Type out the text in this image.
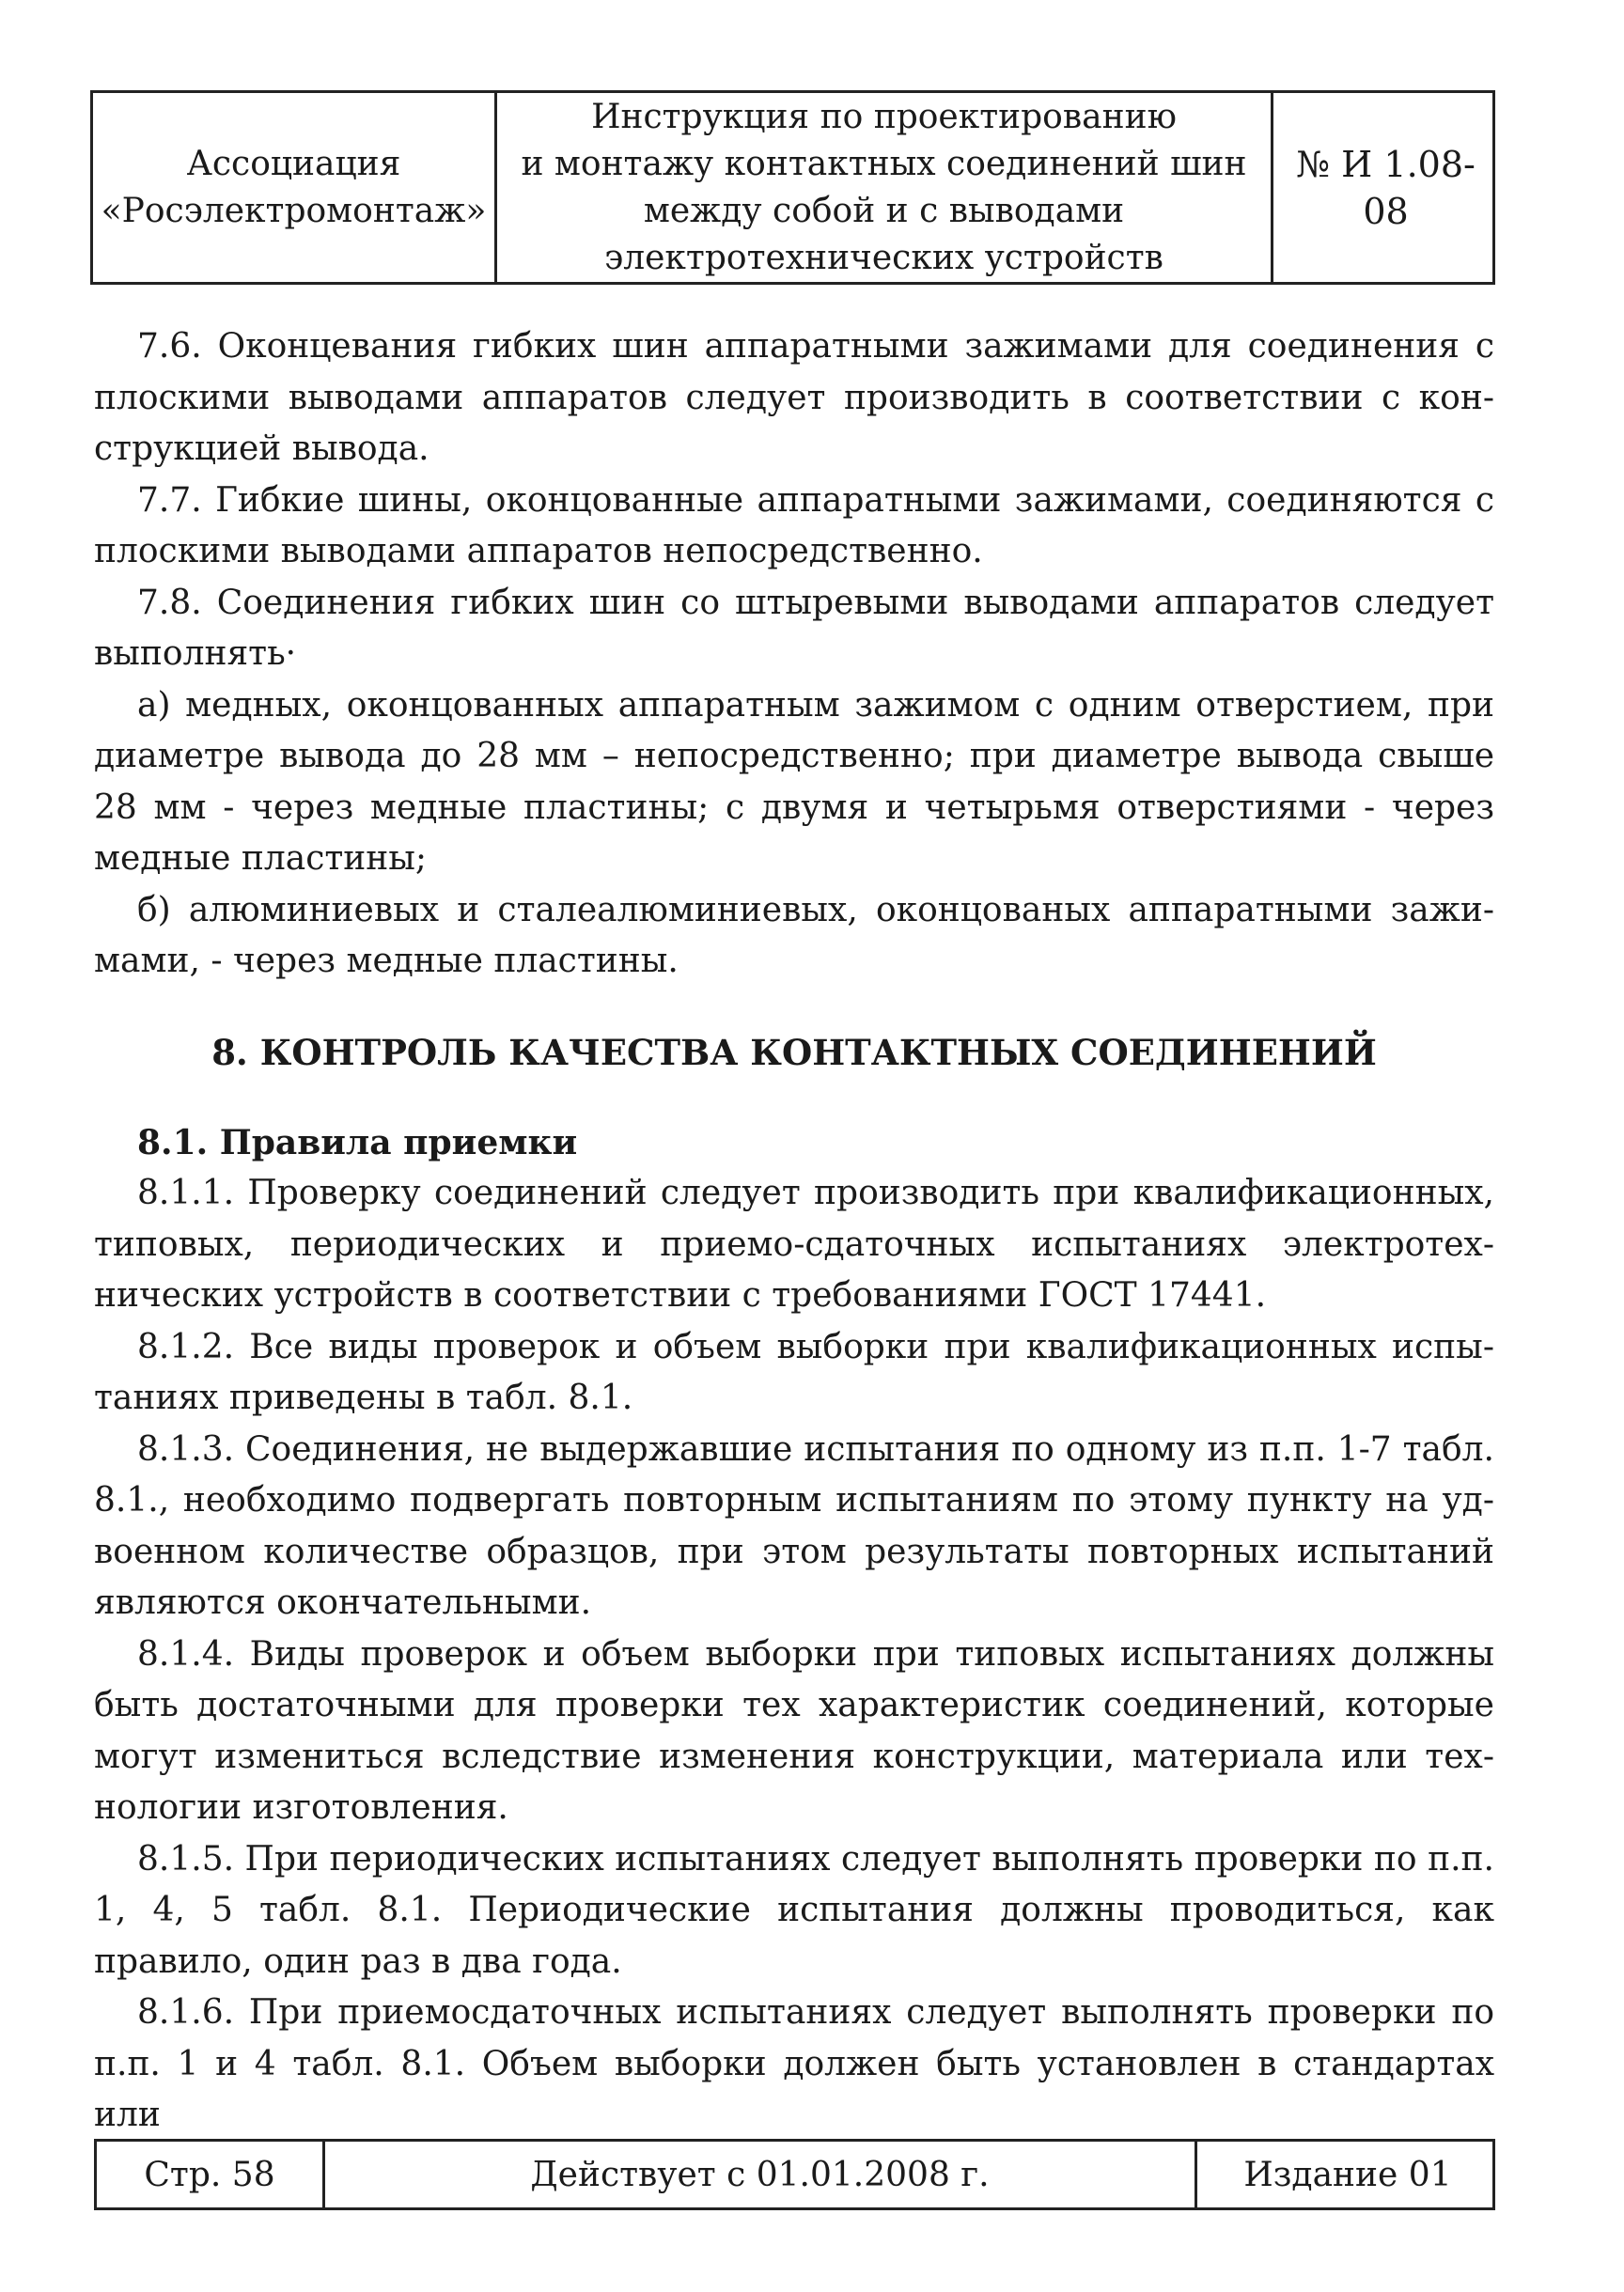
Ассоциация
«Росэлектромонтаж»
Инструкция по проектированию
и монтажу контактных соединений шин
между собой и с выводами
электротехнических устройств
№ И 1.08-08

7.6. Оконцевания гибких шин аппаратными зажимами для соединения с плоскими выводами аппаратов следует производить в соответствии с конструкцией вывода.

7.7. Гибкие шины, оконцованные аппаратными зажимами, соединяются с плоскими выводами аппаратов непосредственно.

7.8. Соединения гибких шин со штыревыми выводами аппаратов следует выполнять·

а) медных, оконцованных аппаратным зажимом с одним отверстием, при диаметре вывода до 28 мм – непосредственно; при диаметре вывода свыше 28 мм - через медные пластины; с двумя и четырьмя отверстиями - через медные пластины;

б) алюминиевых и сталеалюминиевых, оконцованых аппаратными зажимами, - через медные пластины.

8. КОНТРОЛЬ КАЧЕСТВА КОНТАКТНЫХ СОЕДИНЕНИЙ
8.1. Правила приемки

8.1.1. Проверку соединений следует производить при квалификационных, типовых, периодических и приемо-сдаточных испытаниях электротехнических устройств в соответствии с требованиями ГОСТ 17441.

8.1.2. Все виды проверок и объем выборки при квалификационных испытаниях приведены в табл. 8.1.

8.1.3. Соединения, не выдержавшие испытания по одному из п.п. 1-7 табл. 8.1., необходимо подвергать повторным испытаниям по этому пункту на удвоенном количестве образцов, при этом результаты повторных испытаний являются окончательными.

8.1.4. Виды проверок и объем выборки при типовых испытаниях должны быть достаточными для проверки тех характеристик соединений, которые могут измениться вследствие изменения конструкции, материала или технологии изготовления.

8.1.5. При периодических испытаниях следует выполнять проверки по п.п. 1, 4, 5 табл. 8.1. Периодические испытания должны проводиться, как правило, один раз в два года.

8.1.6. При приемосдаточных испытаниях следует выполнять проверки по п.п. 1 и 4 табл. 8.1. Объем выборки должен быть установлен в стандартах или

Стр. 58	Действует с 01.01.2008 г.	Издание 01
